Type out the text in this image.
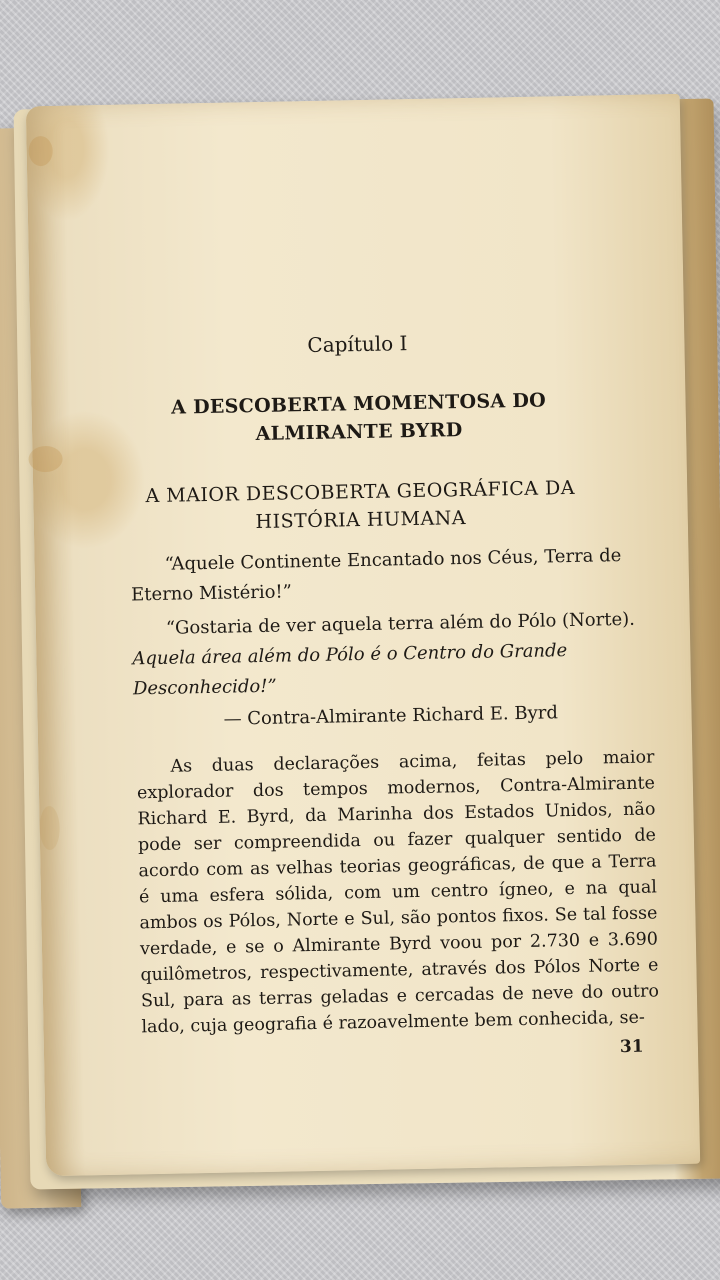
Capítulo I
A DESCOBERTA MOMENTOSA DO
ALMIRANTE BYRD
A MAIOR DESCOBERTA GEOGRÁFICA DA
HISTÓRIA HUMANA

“Aquele Continente Encantado nos Céus, Terra de Eterno Mistério!”

“Gostaria de ver aquela terra além do Pólo (Norte). Aquela área além do Pólo é o Centro do Grande Desconhecido!”

— Contra-Almirante Richard E. Byrd

As duas declarações acima, feitas pelo maior explorador dos tempos modernos, Contra-Almirante Richard E. Byrd, da Marinha dos Estados Unidos, não pode ser compreendida ou fazer qualquer sentido de acordo com as velhas teorias geográficas, de que a Terra é uma esfera sólida, com um centro ígneo, e na qual ambos os Pólos, Norte e Sul, são pontos fixos. Se tal fosse verdade, e se o Almirante Byrd voou por 2.730 e 3.690 quilômetros, respectivamente, através dos Pólos Norte e Sul, para as terras geladas e cercadas de neve do outro lado, cuja geografia é razoavelmente bem conhecida, se-

31
